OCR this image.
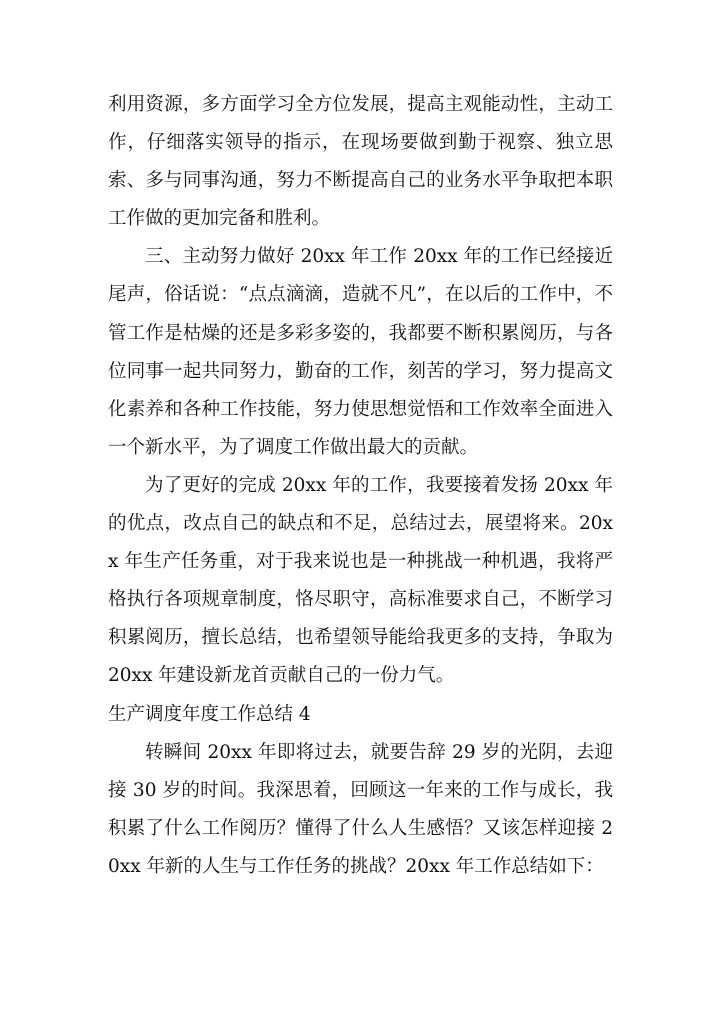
利用资源，多方面学习全方位发展，提高主观能动性，主动工作，仔细落实领导的指示，在现场要做到勤于视察、独立思索、多与同事沟通，努力不断提高自己的业务水平争取把本职工作做的更加完备和胜利。

三、主动努力做好 20xx 年工作 20xx 年的工作已经接近尾声，俗话说：“点点滴滴，造就不凡”，在以后的工作中，不管工作是枯燥的还是多彩多姿的，我都要不断积累阅历，与各位同事一起共同努力，勤奋的工作，刻苦的学习，努力提高文化素养和各种工作技能，努力使思想觉悟和工作效率全面进入一个新水平，为了调度工作做出最大的贡献。

为了更好的完成 20xx 年的工作，我要接着发扬 20xx 年的优点，改点自己的缺点和不足，总结过去，展望将来。20xx 年生产任务重，对于我来说也是一种挑战一种机遇，我将严格执行各项规章制度，恪尽职守，高标准要求自己，不断学习积累阅历，擅长总结，也希望领导能给我更多的支持，争取为 20xx 年建设新龙首贡献自己的一份力气。

生产调度年度工作总结 4

转瞬间 20xx 年即将过去，就要告辞 29 岁的光阴，去迎接 30 岁的时间。我深思着，回顾这一年来的工作与成长，我积累了什么工作阅历？懂得了什么人生感悟？又该怎样迎接 20xx 年新的人生与工作任务的挑战？20xx 年工作总结如下：
